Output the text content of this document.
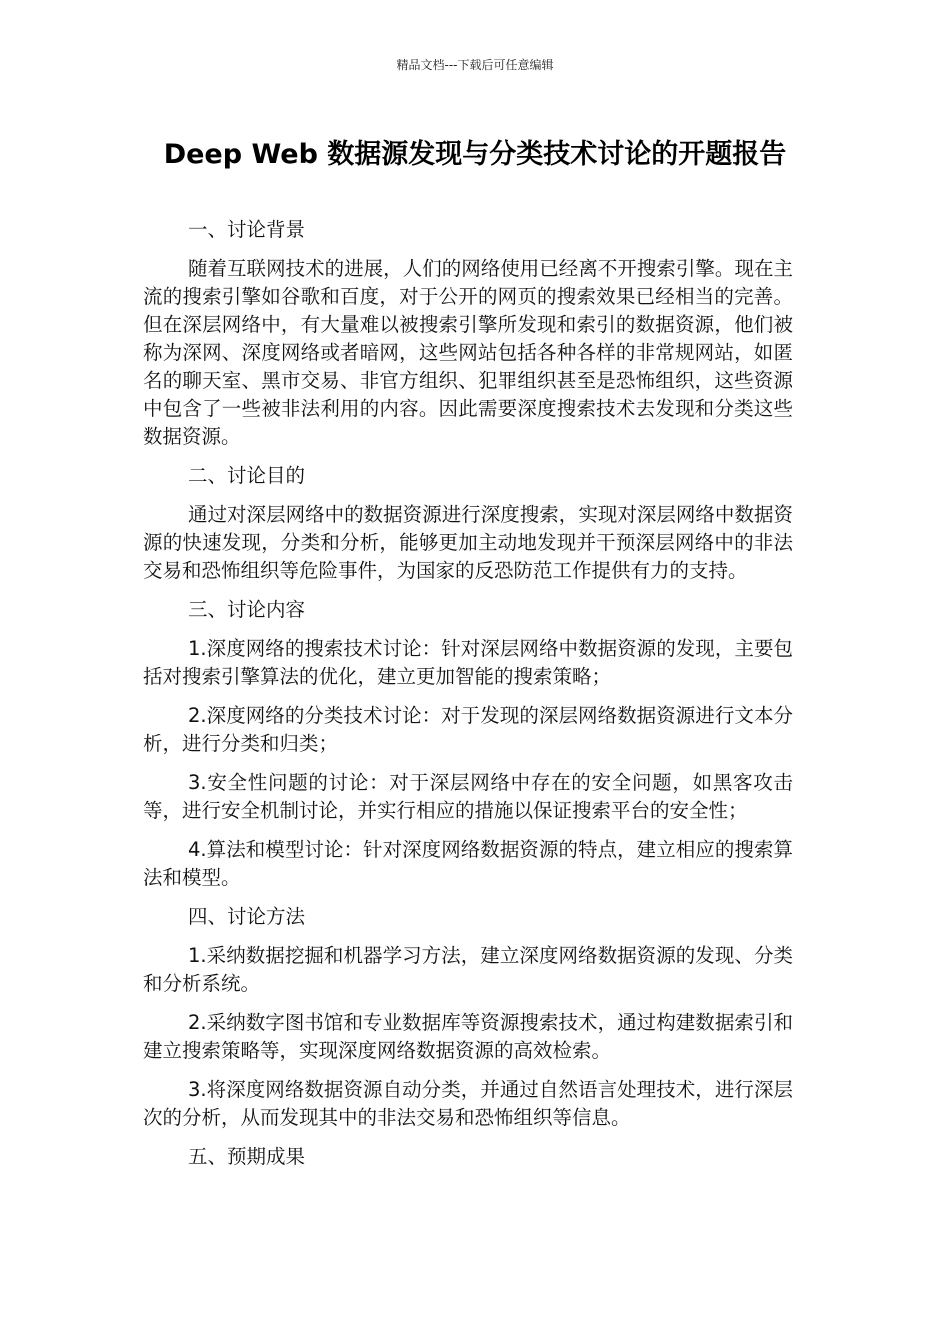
精品文档---下载后可任意编辑
Deep Web 数据源发现与分类技术讨论的开题报告

一、讨论背景

随着互联网技术的进展，人们的网络使用已经离不开搜索引擎。现在主流的搜索引擎如谷歌和百度，对于公开的网页的搜索效果已经相当的完善。但在深层网络中，有大量难以被搜索引擎所发现和索引的数据资源，他们被称为深网、深度网络或者暗网，这些网站包括各种各样的非常规网站，如匿名的聊天室、黑市交易、非官方组织、犯罪组织甚至是恐怖组织，这些资源中包含了一些被非法利用的内容。因此需要深度搜索技术去发现和分类这些数据资源。

二、讨论目的

通过对深层网络中的数据资源进行深度搜索，实现对深层网络中数据资源的快速发现，分类和分析，能够更加主动地发现并干预深层网络中的非法交易和恐怖组织等危险事件，为国家的反恐防范工作提供有力的支持。

三、讨论内容

1.深度网络的搜索技术讨论：针对深层网络中数据资源的发现，主要包括对搜索引擎算法的优化，建立更加智能的搜索策略；

2.深度网络的分类技术讨论：对于发现的深层网络数据资源进行文本分析，进行分类和归类；

3.安全性问题的讨论：对于深层网络中存在的安全问题，如黑客攻击等，进行安全机制讨论，并实行相应的措施以保证搜索平台的安全性；

4.算法和模型讨论：针对深度网络数据资源的特点，建立相应的搜索算法和模型。

四、讨论方法

1.采纳数据挖掘和机器学习方法，建立深度网络数据资源的发现、分类和分析系统。

2.采纳数字图书馆和专业数据库等资源搜索技术，通过构建数据索引和建立搜索策略等，实现深度网络数据资源的高效检索。

3.将深度网络数据资源自动分类，并通过自然语言处理技术，进行深层次的分析，从而发现其中的非法交易和恐怖组织等信息。

五、预期成果
